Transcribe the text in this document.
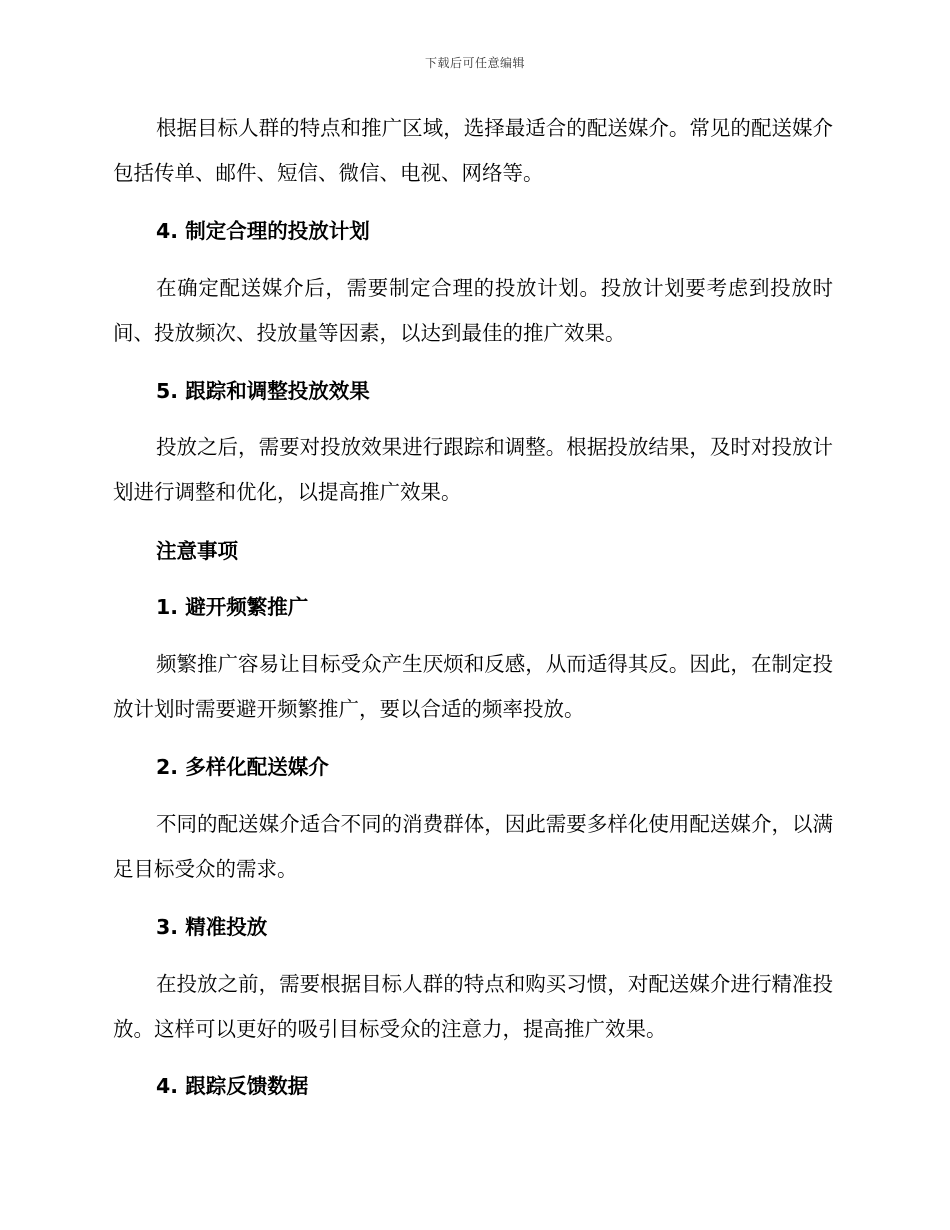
下载后可任意编辑
根据目标人群的特点和推广区域，选择最适合的配送媒介。常见的配送媒介包括传单、邮件、短信、微信、电视、网络等。
4. 制定合理的投放计划
在确定配送媒介后，需要制定合理的投放计划。投放计划要考虑到投放时间、投放频次、投放量等因素，以达到最佳的推广效果。
5. 跟踪和调整投放效果
投放之后，需要对投放效果进行跟踪和调整。根据投放结果，及时对投放计划进行调整和优化，以提高推广效果。
注意事项
1. 避开频繁推广
频繁推广容易让目标受众产生厌烦和反感，从而适得其反。因此，在制定投放计划时需要避开频繁推广，要以合适的频率投放。
2. 多样化配送媒介
不同的配送媒介适合不同的消费群体，因此需要多样化使用配送媒介，以满足目标受众的需求。
3. 精准投放
在投放之前，需要根据目标人群的特点和购买习惯，对配送媒介进行精准投放。这样可以更好的吸引目标受众的注意力，提高推广效果。
4. 跟踪反馈数据
